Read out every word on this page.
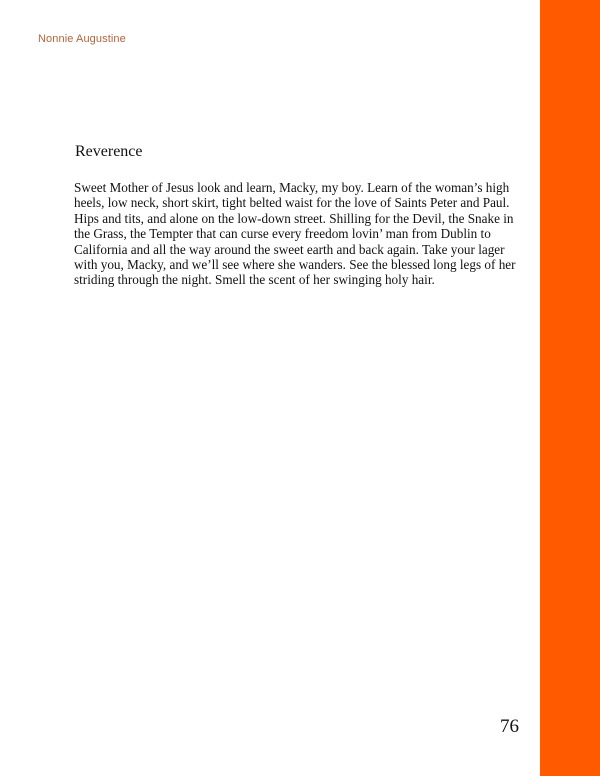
Nonnie Augustine
Reverence

Sweet Mother of Jesus look and learn, Macky, my boy. Learn of the woman’s high
heels, low neck, short skirt, tight belted waist for the love of Saints Peter and Paul.
Hips and tits, and alone on the low-down street. Shilling for the Devil, the Snake in
the Grass, the Tempter that can curse every freedom lovin’ man from Dublin to
California and all the way around the sweet earth and back again. Take your lager
with you, Macky, and we’ll see where she wanders. See the blessed long legs of her
striding through the night. Smell the scent of her swinging holy hair.

76
